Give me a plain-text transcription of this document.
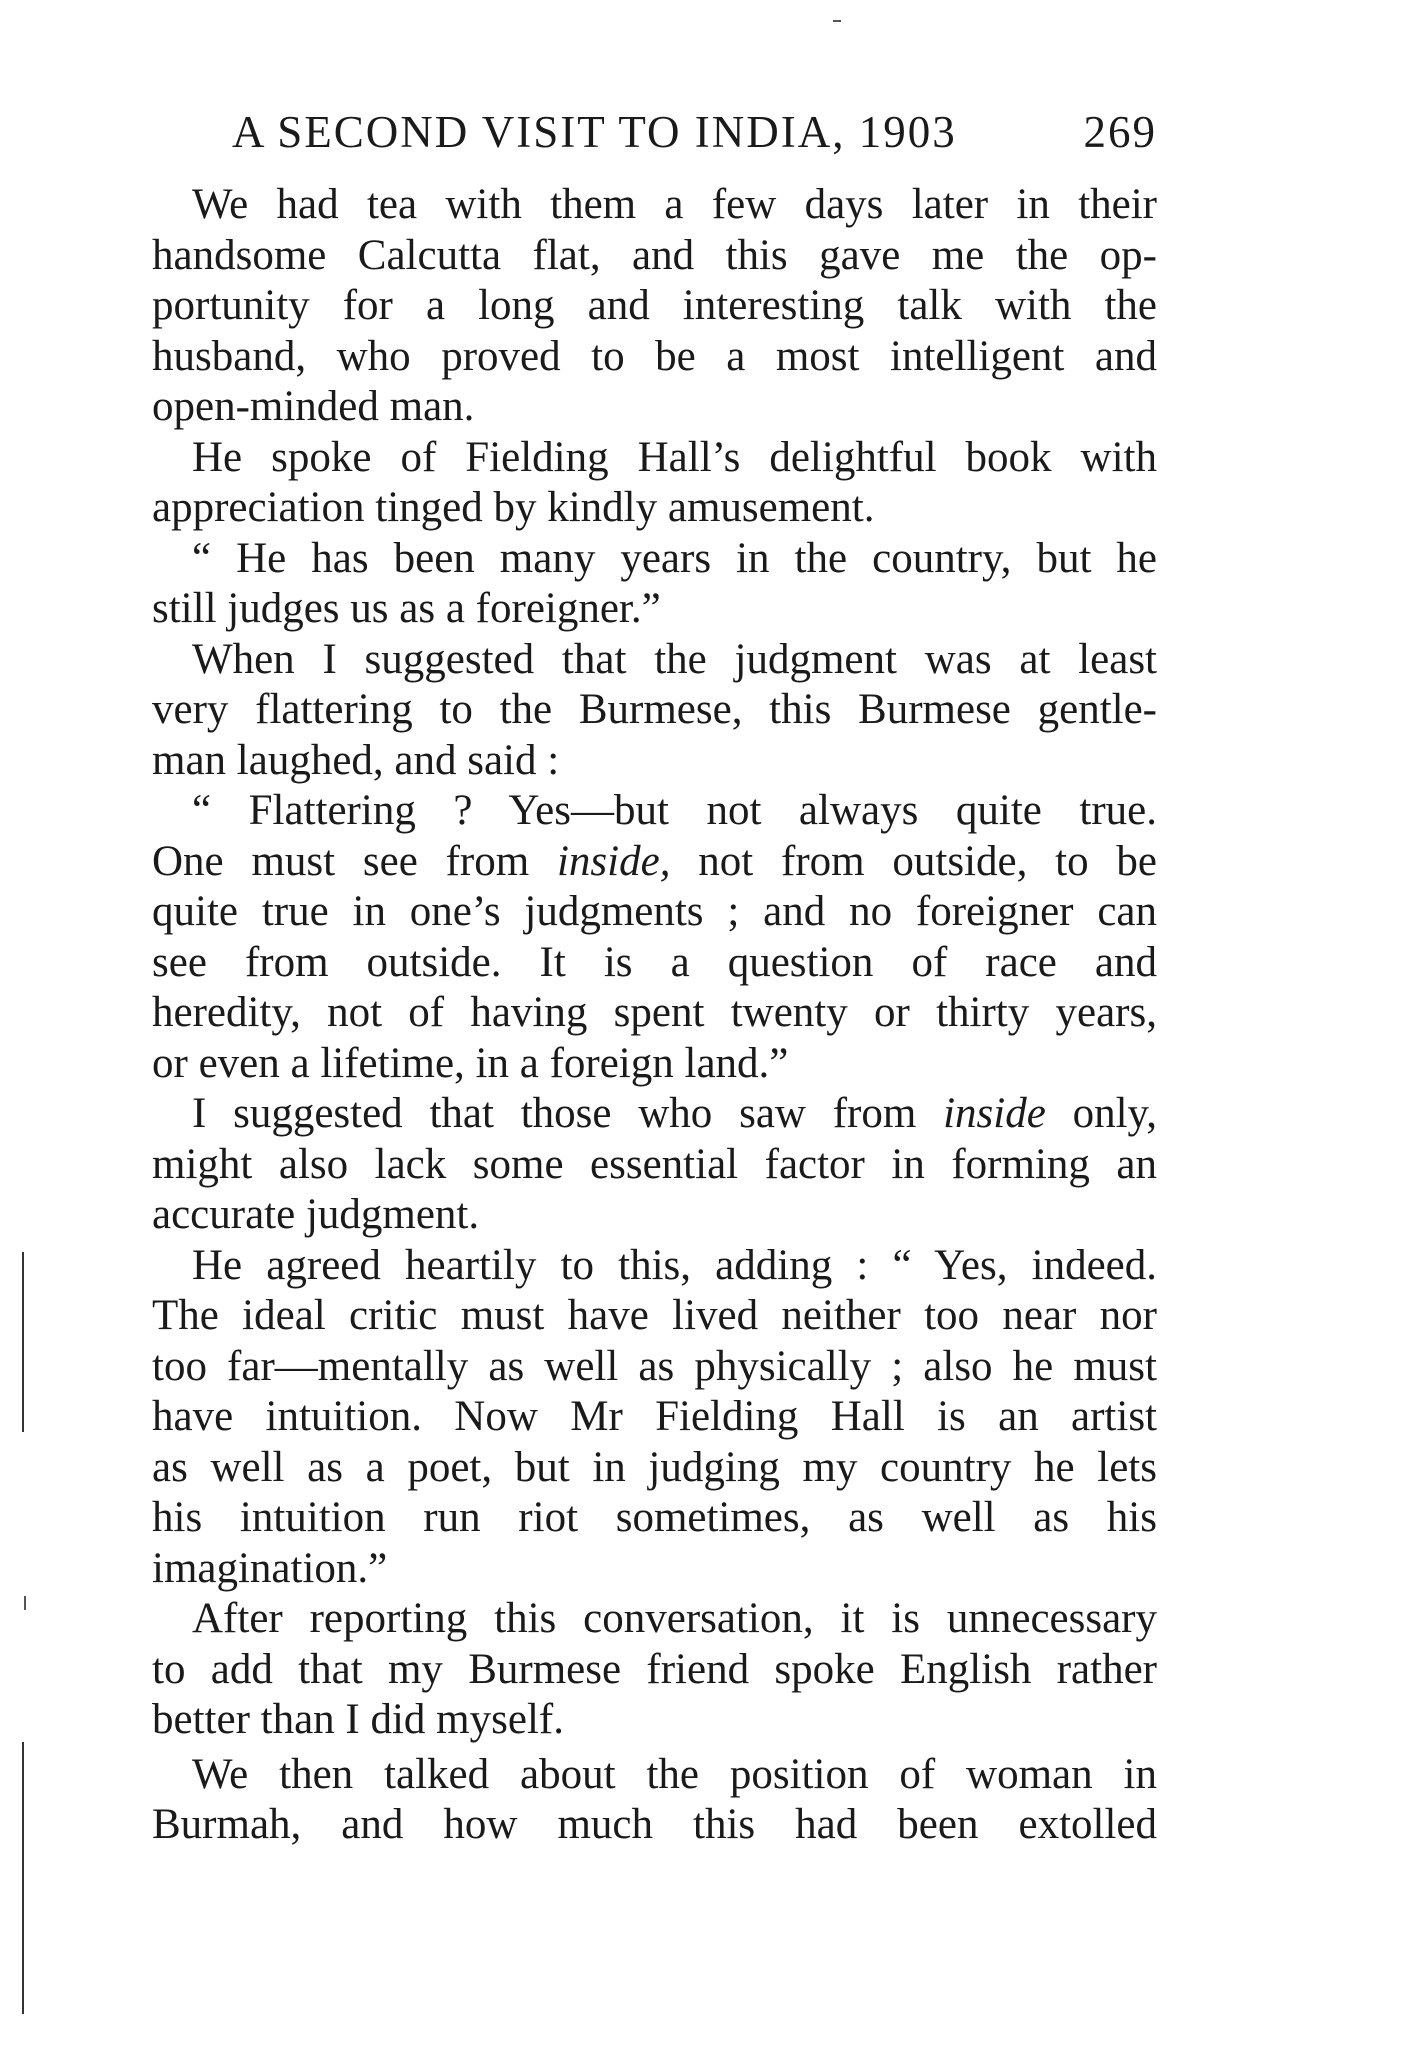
A SECOND VISIT TO INDIA, 1903	269
We had tea with them a few days later in their
handsome Calcutta flat, and this gave me the op-
portunity for a long and interesting talk with the
husband, who proved to be a most intelligent and
open-minded man.
He spoke of Fielding Hall’s delightful book with
appreciation tinged by kindly amusement.
“ He has been many years in the country, but he
still judges us as a foreigner.”
When I suggested that the judgment was at least
very flattering to the Burmese, this Burmese gentle-
man laughed, and said :
“ Flattering ? Yes—but not always quite true.
One must see from inside, not from outside, to be
quite true in one’s judgments ; and no foreigner can
see from outside. It is a question of race and
heredity, not of having spent twenty or thirty years,
or even a lifetime, in a foreign land.”
I suggested that those who saw from inside only,
might also lack some essential factor in forming an
accurate judgment.
He agreed heartily to this, adding : “ Yes, indeed.
The ideal critic must have lived neither too near nor
too far—mentally as well as physically ; also he must
have intuition. Now Mr Fielding Hall is an artist
as well as a poet, but in judging my country he lets
his intuition run riot sometimes, as well as his
imagination.”
After reporting this conversation, it is unnecessary
to add that my Burmese friend spoke English rather
better than I did myself.
We then talked about the position of woman in
Burmah, and how much this had been extolled
